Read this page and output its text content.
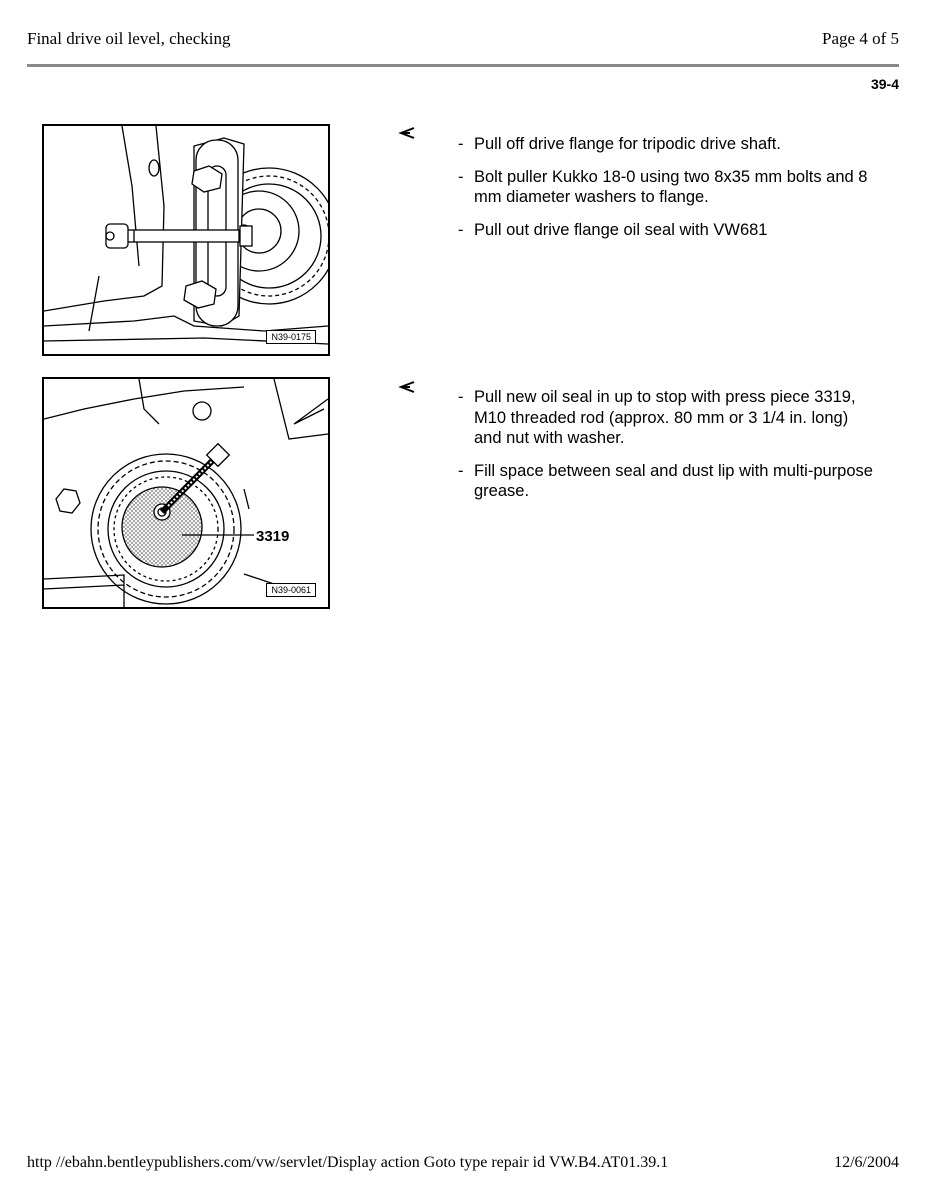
Final drive oil level, checking	Page 4 of 5
39-4
N39-0175
- Pull off drive flange for tripodic drive shaft.
- Bolt puller Kukko 18-0 using two 8x35 mm bolts and 8 mm diameter washers to flange.
- Pull out drive flange oil seal with VW681
3319
N39-0061
- Pull new oil seal in up to stop with press piece 3319, M10 threaded rod (approx. 80 mm or 3 1/4 in. long) and nut with washer.
- Fill space between seal and dust lip with multi-purpose grease.
http //ebahn.bentleypublishers.com/vw/servlet/Display action Goto type repair id VW.B4.AT01.39.1	12/6/2004
